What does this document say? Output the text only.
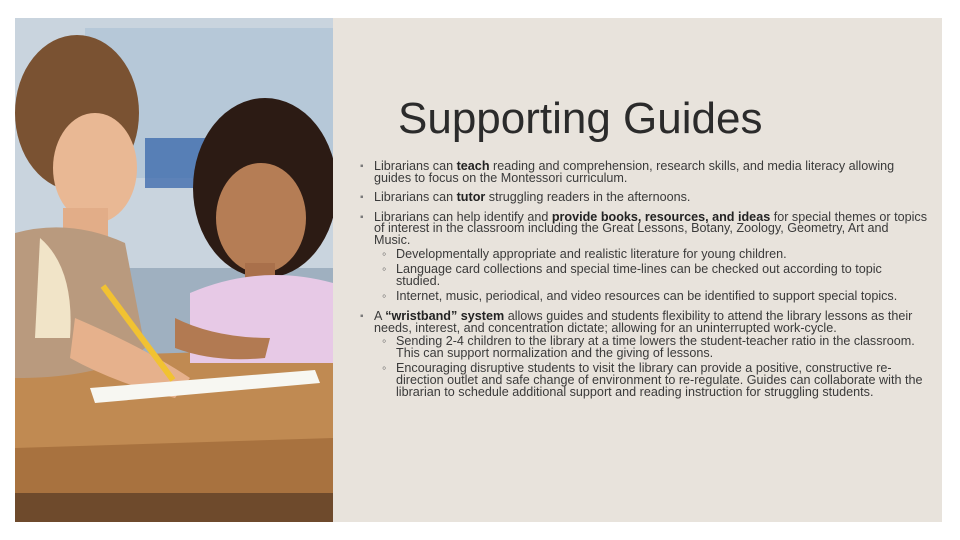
Supporting Guides
▪ Librarians can teach reading and comprehension, research skills, and media literacy allowing guides to focus on the Montessori curriculum.
▪ Librarians can tutor struggling readers in the afternoons.
▪ Librarians can help identify and provide books, resources, and ideas for special themes or topics of interest in the classroom including the Great Lessons, Botany, Zoology, Geometry, Art and Music.
◦ Developmentally appropriate and realistic literature for young children.
◦ Language card collections and special time-lines can be checked out according to topic studied.
◦ Internet, music, periodical, and video resources can be identified to support special topics.
▪ A “wristband” system allows guides and students flexibility to attend the library lessons as their needs, interest, and concentration dictate; allowing for an uninterrupted work-cycle.
◦ Sending 2-4 children to the library at a time lowers the student-teacher ratio in the classroom. This can support normalization and the giving of lessons.
◦ Encouraging disruptive students to visit the library can provide a positive, constructive re-direction outlet and safe change of environment to re-regulate. Guides can collaborate with the librarian to schedule additional support and reading instruction for struggling students.
